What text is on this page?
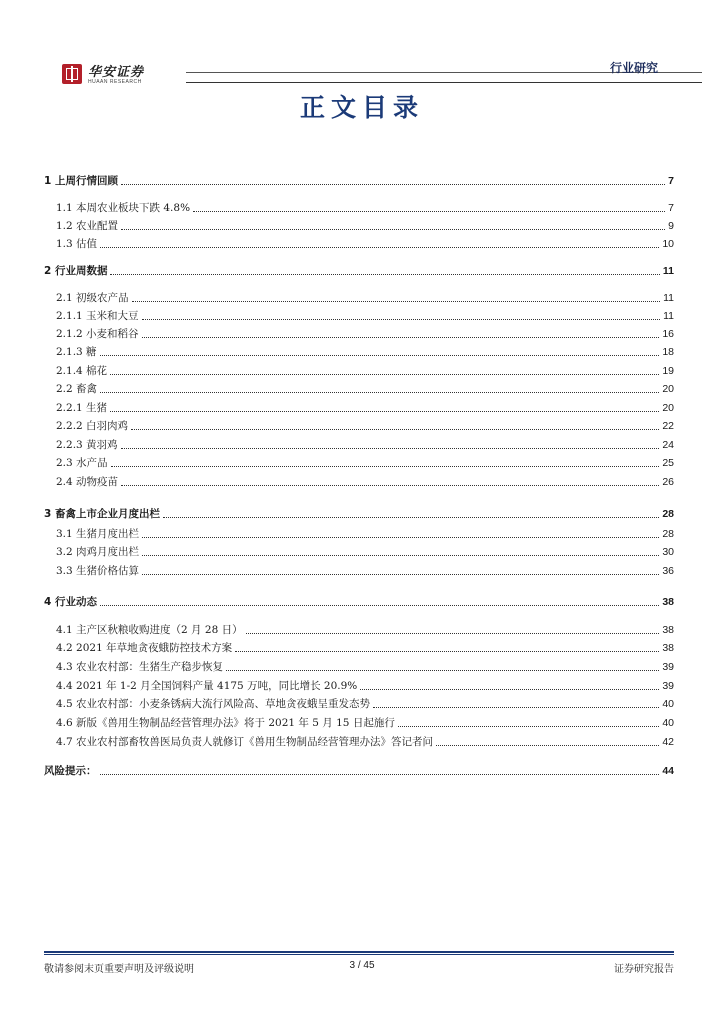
华安证券
HUAAN RESEARCH
行业研究
正文目录
1 上周行情回顾	7
1.1 本周农业板块下跌 4.8%	7
1.2 农业配置	9
1.3 估值	10
2 行业周数据	11
2.1 初级农产品	11
2.1.1 玉米和大豆	11
2.1.2 小麦和稻谷	16
2.1.3 糖	18
2.1.4 棉花	19
2.2 畜禽	20
2.2.1 生猪	20
2.2.2 白羽肉鸡	22
2.2.3 黄羽鸡	24
2.3 水产品	25
2.4 动物疫苗	26
3 畜禽上市企业月度出栏	28
3.1 生猪月度出栏	28
3.2 肉鸡月度出栏	30
3.3 生猪价格估算	36
4 行业动态	38
4.1 主产区秋粮收购进度（2 月 28 日）	38
4.2 2021 年草地贪夜蛾防控技术方案	38
4.3 农业农村部：生猪生产稳步恢复	39
4.4 2021 年 1-2 月全国饲料产量 4175 万吨，同比增长 20.9%	39
4.5 农业农村部：小麦条锈病大流行风险高、草地贪夜蛾呈重发态势	40
4.6 新版《兽用生物制品经营管理办法》将于 2021 年 5 月 15 日起施行	40
4.7 农业农村部畜牧兽医局负责人就修订《兽用生物制品经营管理办法》答记者问	42
风险提示：	44
敬请参阅末页重要声明及评级说明	3 / 45	证券研究报告
